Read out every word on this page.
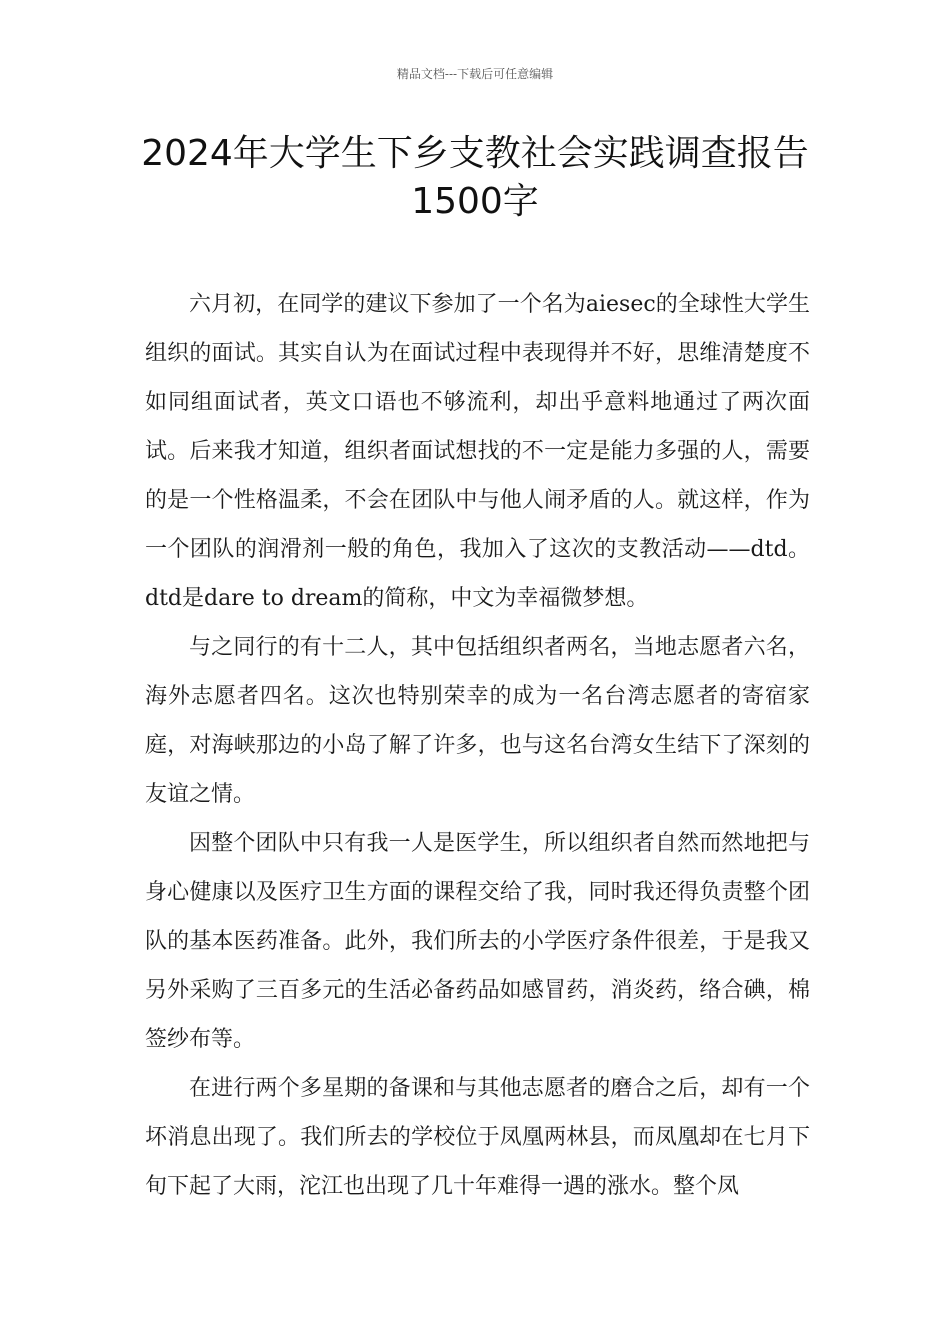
精品文档---下载后可任意编辑
2024年大学生下乡支教社会实践调查报告1500字

六月初，在同学的建议下参加了一个名为aiesec的全球性大学生组织的面试。其实自认为在面试过程中表现得并不好，思维清楚度不如同组面试者，英文口语也不够流利，却出乎意料地通过了两次面试。后来我才知道，组织者面试想找的不一定是能力多强的人，需要的是一个性格温柔，不会在团队中与他人闹矛盾的人。就这样，作为一个团队的润滑剂一般的角色，我加入了这次的支教活动——dtd。dtd是dare to dream的简称，中文为幸福微梦想。

与之同行的有十二人，其中包括组织者两名，当地志愿者六名，海外志愿者四名。这次也特别荣幸的成为一名台湾志愿者的寄宿家庭，对海峡那边的小岛了解了许多，也与这名台湾女生结下了深刻的友谊之情。

因整个团队中只有我一人是医学生，所以组织者自然而然地把与身心健康以及医疗卫生方面的课程交给了我，同时我还得负责整个团队的基本医药准备。此外，我们所去的小学医疗条件很差，于是我又另外采购了三百多元的生活必备药品如感冒药，消炎药，络合碘，棉签纱布等。

在进行两个多星期的备课和与其他志愿者的磨合之后，却有一个坏消息出现了。我们所去的学校位于凤凰两林县，而凤凰却在七月下旬下起了大雨，沱江也出现了几十年难得一遇的涨水。整个凤
